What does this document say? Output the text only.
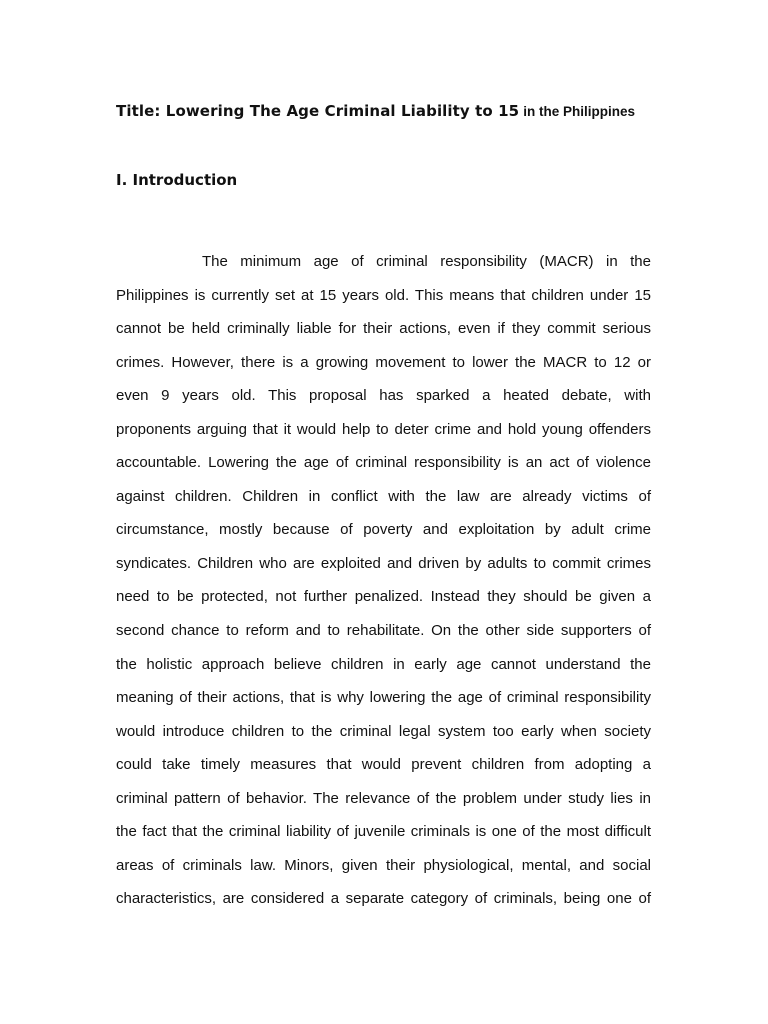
Title: Lowering The Age Criminal Liability to 15 in the Philippines
I. Introduction
The minimum age of criminal responsibility (MACR) in the
Philippines is currently set at 15 years old. This means that children under 15
cannot be held criminally liable for their actions, even if they commit serious
crimes. However, there is a growing movement to lower the MACR to 12 or
even 9 years old. This proposal has sparked a heated debate, with
proponents arguing that it would help to deter crime and hold young offenders
accountable. Lowering the age of criminal responsibility is an act of violence
against children. Children in conflict with the law are already victims of
circumstance, mostly because of poverty and exploitation by adult crime
syndicates. Children who are exploited and driven by adults to commit crimes
need to be protected, not further penalized. Instead they should be given a
second chance to reform and to rehabilitate. On the other side supporters of
the holistic approach believe children in early age cannot understand the
meaning of their actions, that is why lowering the age of criminal responsibility
would introduce children to the criminal legal system too early when society
could take timely measures that would prevent children from adopting a
criminal pattern of behavior. The relevance of the problem under study lies in
the fact that the criminal liability of juvenile criminals is one of the most difficult
areas of criminals law. Minors, given their physiological, mental, and social
characteristics, are considered a separate category of criminals, being one of
